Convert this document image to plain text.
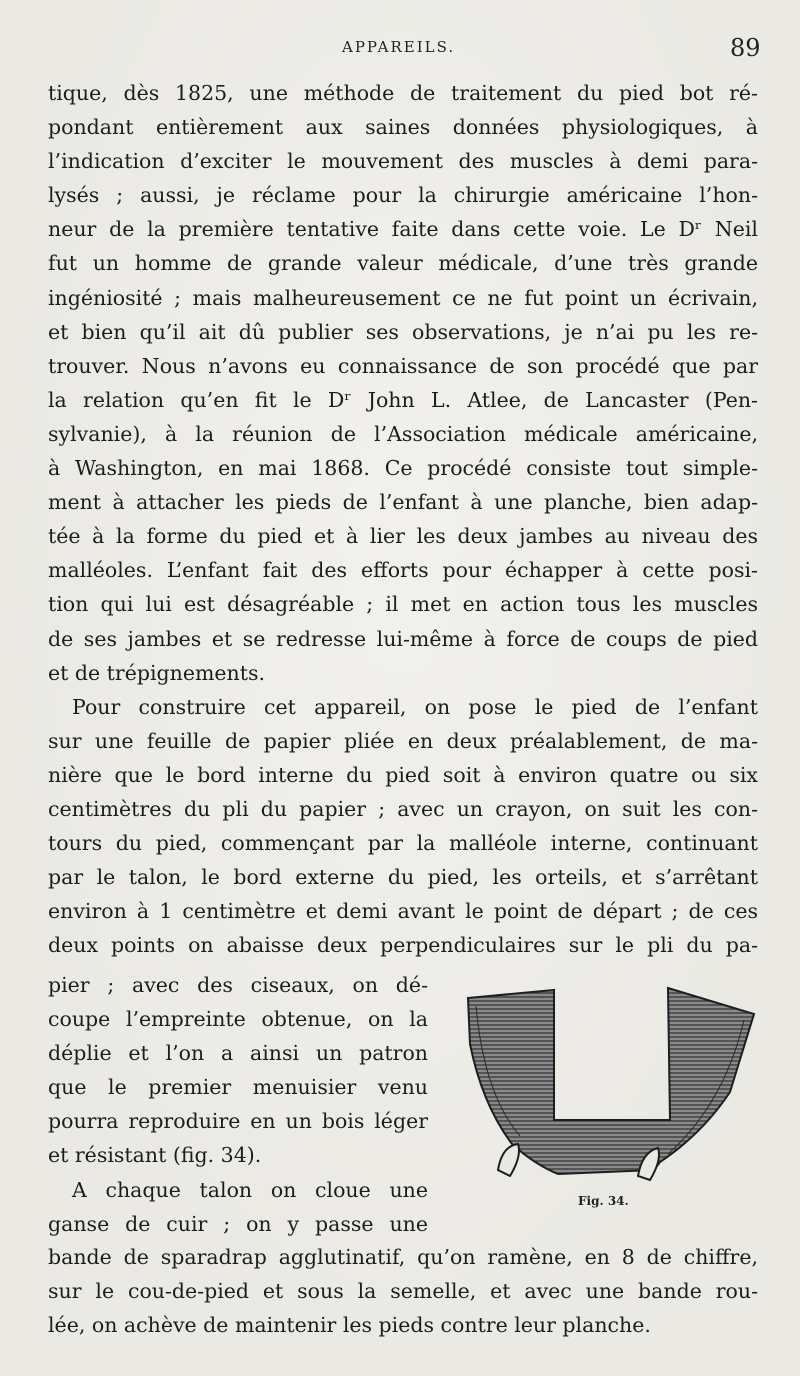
APPAREILS.	89
tique, dès 1825, une méthode de traitement du pied bot ré-
pondant entièrement aux saines données physiologiques, à
l’indication d’exciter le mouvement des muscles à demi para-
lysés ; aussi, je réclame pour la chirurgie américaine l’hon-
neur de la première tentative faite dans cette voie. Le Dʳ Neil
fut un homme de grande valeur médicale, d’une très grande
ingéniosité ; mais malheureusement ce ne fut point un écrivain,
et bien qu’il ait dû publier ses observations, je n’ai pu les re-
trouver. Nous n’avons eu connaissance de son procédé que par
la relation qu’en fit le Dʳ John L. Atlee, de Lancaster (Pen-
sylvanie), à la réunion de l’Association médicale américaine,
à Washington, en mai 1868. Ce procédé consiste tout simple-
ment à attacher les pieds de l’enfant à une planche, bien adap-
tée à la forme du pied et à lier les deux jambes au niveau des
malléoles. L’enfant fait des efforts pour échapper à cette posi-
tion qui lui est désagréable ; il met en action tous les muscles
de ses jambes et se redresse lui-même à force de coups de pied
et de trépignements.
Pour construire cet appareil, on pose le pied de l’enfant
sur une feuille de papier pliée en deux préalablement, de ma-
nière que le bord interne du pied soit à environ quatre ou six
centimètres du pli du papier ; avec un crayon, on suit les con-
tours du pied, commençant par la malléole interne, continuant
par le talon, le bord externe du pied, les orteils, et s’arrêtant
environ à 1 centimètre et demi avant le point de départ ; de ces
deux points on abaisse deux perpendiculaires sur le pli du pa-
pier ; avec des ciseaux, on dé-
coupe l’empreinte obtenue, on la
déplie et l’on a ainsi un patron
que le premier menuisier venu
pourra reproduire en un bois léger
et résistant (fig. 34).
A chaque talon on cloue une
ganse de cuir ; on y passe une
Fig. 34.
bande de sparadrap agglutinatif, qu’on ramène, en 8 de chiffre,
sur le cou-de-pied et sous la semelle, et avec une bande rou-
lée, on achève de maintenir les pieds contre leur planche.
